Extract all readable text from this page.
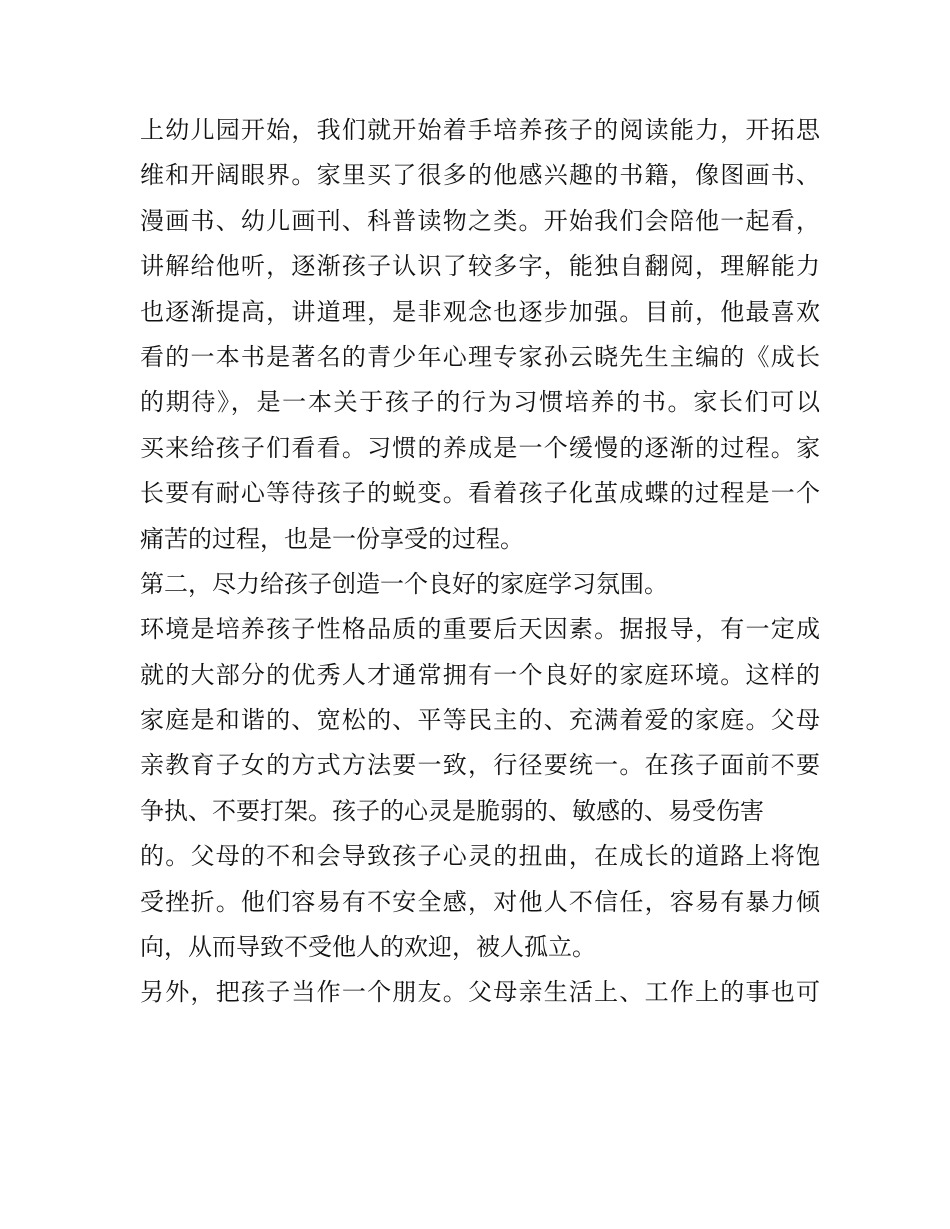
上幼儿园开始，我们就开始着手培养孩子的阅读能力，开拓思
维和开阔眼界。家里买了很多的他感兴趣的书籍，像图画书、
漫画书、幼儿画刊、科普读物之类。开始我们会陪他一起看，
讲解给他听，逐渐孩子认识了较多字，能独自翻阅，理解能力
也逐渐提高，讲道理，是非观念也逐步加强。目前，他最喜欢
看的一本书是著名的青少年心理专家孙云晓先生主编的《成长
的期待》，是一本关于孩子的行为习惯培养的书。家长们可以
买来给孩子们看看。习惯的养成是一个缓慢的逐渐的过程。家
长要有耐心等待孩子的蜕变。看着孩子化茧成蝶的过程是一个
痛苦的过程，也是一份享受的过程。
第二，尽力给孩子创造一个良好的家庭学习氛围。
环境是培养孩子性格品质的重要后天因素。据报导，有一定成
就的大部分的优秀人才通常拥有一个良好的家庭环境。这样的
家庭是和谐的、宽松的、平等民主的、充满着爱的家庭。父母
亲教育子女的方式方法要一致，行径要统一。在孩子面前不要
争执、不要打架。孩子的心灵是脆弱的、敏感的、易受伤害
的。父母的不和会导致孩子心灵的扭曲，在成长的道路上将饱
受挫折。他们容易有不安全感，对他人不信任，容易有暴力倾
向，从而导致不受他人的欢迎，被人孤立。
另外，把孩子当作一个朋友。父母亲生活上、工作上的事也可
